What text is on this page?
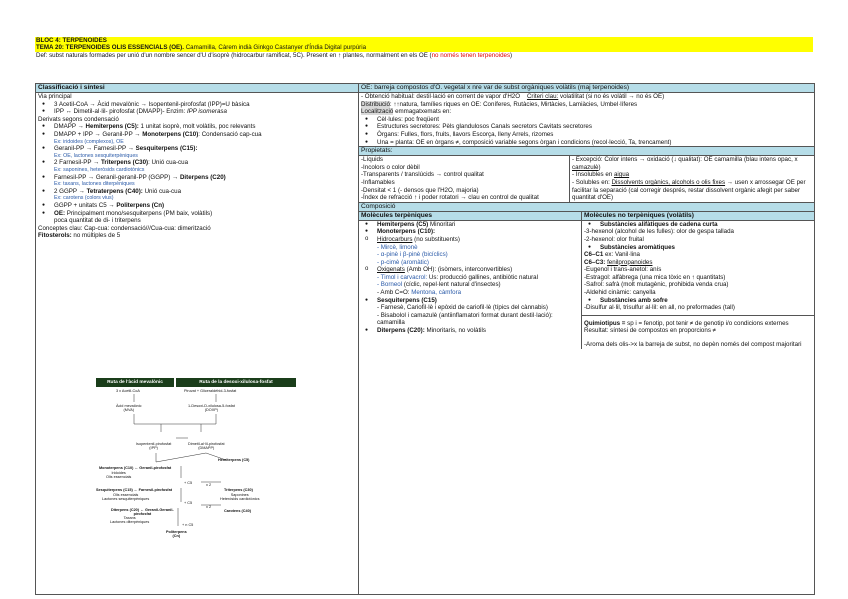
BLOC 4: TERPENOIDES
TEMA 20: TERPENOIDES OLIS ESSENCIALS (OE). Camamilla, Càrem indià Ginkgo Castanyer d'Índia Digital purpúria
Def: subst naturals formades per unió d'un nombre sencer d'U d'isoprè (hidrocarbur ramificat, 5C). Present en ↑ plantes, normalment en els OE (no només tenen terpenoides)
Classificació i síntesi
Via principal
● 3 Acetil-CoA → Àcid mevalònic → Isopentenil-pirofosfat (IPP)=U bàsica
● IPP ↔ Dimetil-al·lil- pirofosfat (DMAPP)- Enzim: IPP isomerasa
Derivats segons condensació
● DMAPP → Hemiterpens (C5): 1 unitat isoprè, molt volàtils, poc relevants
● DMAPP + IPP → Geranil-PP → Monoterpens (C10): Condensació cap-cua
Ex: iridoides (complexos), OE
● Geranil-PP → Farnesil-PP → Sesquiterpens (C15):
Ex: OE, lactones sesquiterpèniques
● 2 Farnesil-PP → Triterpens (C30): Unió cua-cua
Ex: saponines, heteròsids cardiotònics
● Farnesil-PP → Geranil-geranil-PP (GGPP) → Diterpens (C20)
Ex: taxans, lactones diterpèniques
● 2 GGPP → Tetraterpens (C40): Unió cua-cua
Ex: carotens (colors vius)
● GGPP + unitats C5 → Politerpens (Cn)
● OE: Principalment mono/sesquiterpens (PM baix, volàtils)
poca quantitat de di- i triterpens
Conceptes clau: Cap-cua: condensació///Cua-cua: dimerització
Fitosterols: no múltiples de 5
Ruta de l'àcid mevalònic	Ruta de la desoxi-xilulosa-fosfat
3 x Acetil-CoA
Àcid mevalònic
(MVA)
Piruvat + Gliceraldèhid-3-fosfat
1-Desoxi-D-xilulosa-5-fosfat
(DOXP)
Isopentenil-pirofosfat
(IPP)
Dimetil-al·lil-pirofosfat
(DMAPP)
Hemiterpens (C5)
Monoterpens (C10) ← Geranil-pirofosfat
Iridoides
Olis essencials
+ C5
Sesquiterpens (C15) ← Farnesil-pirofosfat
Olis essencials
Lactones sesquiterpèniques
x 2
Triterpens (C30)
Saponines
Heteròsids cardiotònics
+ C5
Diterpens (C20) ← Geranil-Geranil-
pirofosfat
Taxans
Lactones diterpèniques
x 2
Carotens (C40)
+ n C5
Politerpens
(Cn)
OE: barreja compostos d'O. vegetal x nre var de subst orgàniques volàtils (maj terpenoides)
- Obtenció habitual: destil·lació en corrent de vapor d'H2O Criteri clau: volatilitat (si no és volàtil → no és OE)
Distribució: ↑↑natura, famílies riques en OE: Coníferes, Rutàcies, Mirtàcies, Lamiàcies, Umbel·líferes
Localització emmagatxemats en:
● Cèl·lules: poc freqüent
● Estructures secretores: Pèls glandulosos Canals secretors Cavitats secretores
● Òrgans: Fulles, flors, fruits, llavors Escorça, lleny Arrels, rizomes
● Una = planta: OE en òrgans ≠, composició variable segons òrgan i condicions (recol·lecció, Ta, trencament)
Propietats:
-Líquids
-Incolors o color dèbil
-Transparents / translúcids → control qualitat
-Inflamables
-Densitat < 1 (- densos que l'H2O, majoria)
-Índex de refracció ↑ i poder rotatori → clau en control de qualitat
- Excepció: Color intens → oxidació (↓ qualitat): OE camamilla (blau intens opac, x camazulè)
- Insolubles en aigua
- Solubles en: Dissolvents orgànics, alcohols o olis fixes → usen x arrossegar OE per facilitar la separació (cal corregir després, restar dissolvent orgànic afegit per saber quantitat d'OE)
Composició
Molècules terpèniques
● Hemiterpens (C5) Minoritari
● Monoterpens (C10):
o Hidrocarburs (no substituents)
- Mircè, limonè
- α-pinè i β-pinè (bicíclics)
- p-cimè (aromàtic)
o Oxigenats (Amb OH): (isòmers, interconvertibles)
- Timol i carvacrol: Us: producció gallines, antibiòtic natural
- Borneol (cíclic, repel·lent natural d'insectes)
- Amb C=O: Mentona, càmfora
● Sesquiterpens (C15)
- Farnesè, Cariofil·lè i epòxid de cariofil·lè (típics del cànnabis)
- Bisabolol i camazulè (antiinflamatori format durant destil·lació): camamilla
● Diterpens (C20): Minoritaris, no volàtils
Molècules no terpèniques (volàtils)
● Substàncies alifàtiques de cadena curta
-3-hexenol (alcohol de les fulles): olor de gespa tallada
-2-hexenol: olor fruital
● Substàncies aromàtiques
C6–C1 ex: Vanil·lina
C6–C3: fenilpropanoides
-Eugenol i trans-anetol: anís
-Estragol: alfàbrega (una mica tòxic en ↑ quantitats)
-Safrol: safrà (molt mutagènic, prohibida venda crua)
-Aldehid cinàmic: canyella
● Substàncies amb sofre
-Disulfur al·lil, trisulfur al·lil: en all, no preformades (tall)
Quimiotipus = sp i = fenotip, pot tenir ≠ de genotip i/o condicions externes
Resultat: síntesi de compostos en proporcions ≠
-Aroma dels olis->x la barreja de subst, no depèn només del compost majoritari
